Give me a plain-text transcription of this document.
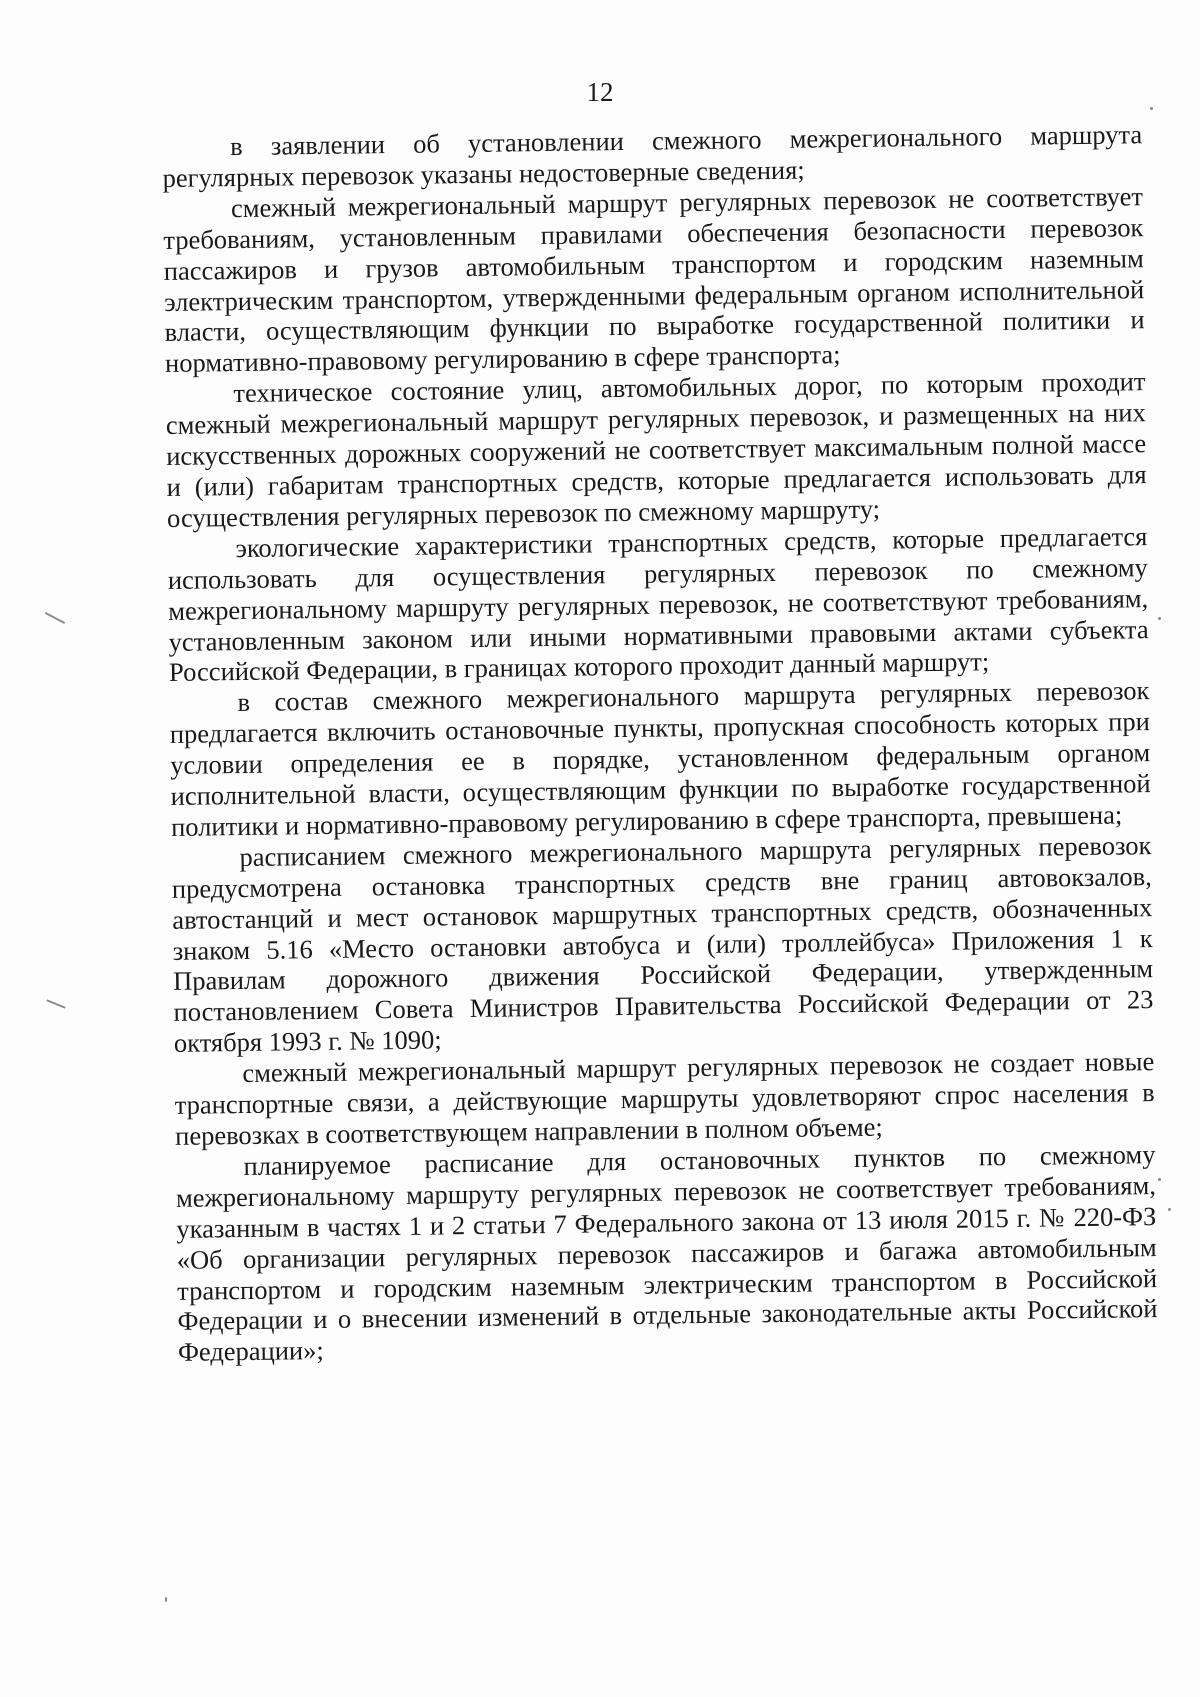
12

в заявлении об установлении смежного межрегионального маршрута регулярных перевозок указаны недостоверные сведения;

смежный межрегиональный маршрут регулярных перевозок не соответствует требованиям, установленным правилами обеспечения безопасности перевозок пассажиров и грузов автомобильным транспортом и городским наземным электрическим транспортом, утвержденными федеральным органом исполнительной власти, осуществляющим функции по выработке государственной политики и нормативно-правовому регулированию в сфере транспорта;

техническое состояние улиц, автомобильных дорог, по которым проходит смежный межрегиональный маршрут регулярных перевозок, и размещенных на них искусственных дорожных сооружений не соответствует максимальным полной массе и (или) габаритам транспортных средств, которые предлагается использовать для осуществления регулярных перевозок по смежному маршруту;

экологические характеристики транспортных средств, которые предлагается использовать для осуществления регулярных перевозок по смежному межрегиональному маршруту регулярных перевозок, не соответствуют требованиям, установленным законом или иными нормативными правовыми актами субъекта Российской Федерации, в границах которого проходит данный маршрут;

в состав смежного межрегионального маршрута регулярных перевозок предлагается включить остановочные пункты, пропускная способность которых при условии определения ее в порядке, установленном федеральным органом исполнительной власти, осуществляющим функции по выработке государственной политики и нормативно-правовому регулированию в сфере транспорта, превышена;

расписанием смежного межрегионального маршрута регулярных перевозок предусмотрена остановка транспортных средств вне границ автовокзалов, автостанций и мест остановок маршрутных транспортных средств, обозначенных знаком 5.16 «Место остановки автобуса и (или) троллейбуса» Приложения 1 к Правилам дорожного движения Российской Федерации, утвержденным постановлением Совета Министров Правительства Российской Федерации от 23 октября 1993 г. № 1090;

смежный межрегиональный маршрут регулярных перевозок не создает новые транспортные связи, а действующие маршруты удовлетворяют спрос населения в перевозках в соответствующем направлении в полном объеме;

планируемое расписание для остановочных пунктов по смежному межрегиональному маршруту регулярных перевозок не соответствует требованиям, указанным в частях 1 и 2 статьи 7 Федерального закона от 13 июля 2015 г. № 220-ФЗ «Об организации регулярных перевозок пассажиров и багажа автомобильным транспортом и городским наземным электрическим транспортом в Российской Федерации и о внесении изменений в отдельные законодательные акты Российской Федерации»;
